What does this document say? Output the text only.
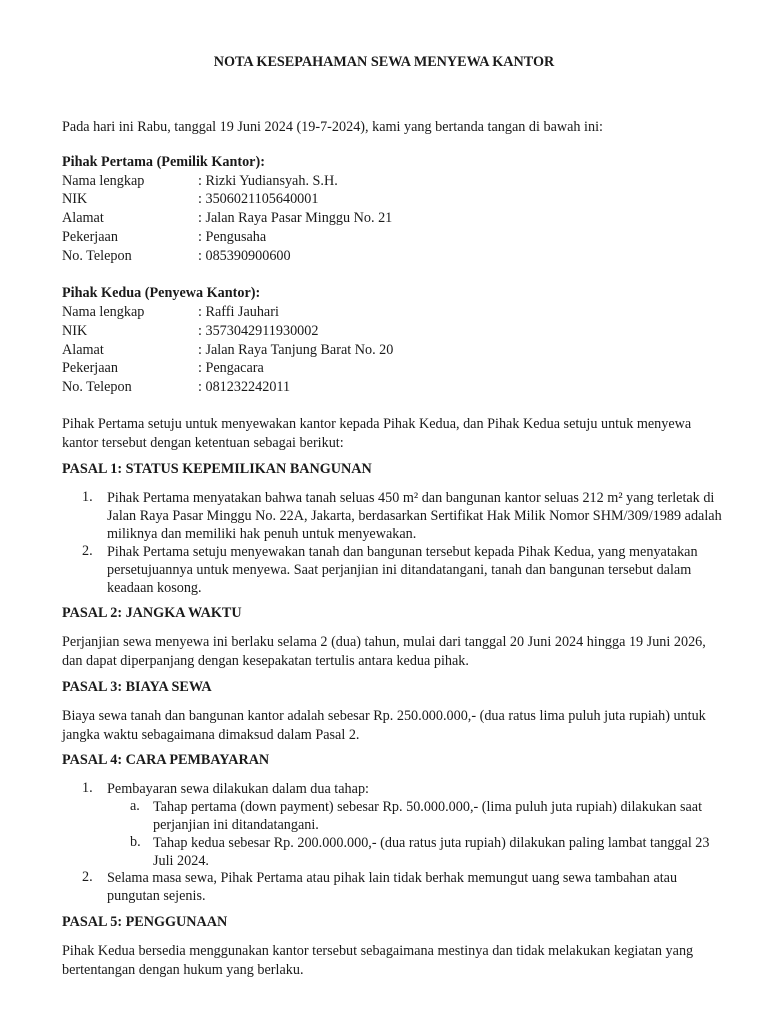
NOTA KESEPAHAMAN SEWA MENYEWA KANTOR
Pada hari ini Rabu, tanggal 19 Juni 2024 (19-7-2024), kami yang bertanda tangan di bawah ini:
Pihak Pertama (Pemilik Kantor):
Nama lengkap	: Rizki Yudiansyah. S.H.
NIK	: 3506021105640001
Alamat	: Jalan Raya Pasar Minggu No. 21
Pekerjaan	: Pengusaha
No. Telepon	: 085390900600
Pihak Kedua (Penyewa Kantor):
Nama lengkap	: Raffi Jauhari
NIK	: 3573042911930002
Alamat	: Jalan Raya Tanjung Barat No. 20
Pekerjaan	: Pengacara
No. Telepon	: 081232242011
Pihak Pertama setuju untuk menyewakan kantor kepada Pihak Kedua, dan Pihak Kedua setuju untuk menyewa kantor tersebut dengan ketentuan sebagai berikut:
PASAL 1: STATUS KEPEMILIKAN BANGUNAN
1. Pihak Pertama menyatakan bahwa tanah seluas 450 m² dan bangunan kantor seluas 212 m² yang terletak di Jalan Raya Pasar Minggu No. 22A, Jakarta, berdasarkan Sertifikat Hak Milik Nomor SHM/309/1989 adalah miliknya dan memiliki hak penuh untuk menyewakan.
2. Pihak Pertama setuju menyewakan tanah dan bangunan tersebut kepada Pihak Kedua, yang menyatakan persetujuannya untuk menyewa. Saat perjanjian ini ditandatangani, tanah dan bangunan tersebut dalam keadaan kosong.
PASAL 2: JANGKA WAKTU
Perjanjian sewa menyewa ini berlaku selama 2 (dua) tahun, mulai dari tanggal 20 Juni 2024 hingga 19 Juni 2026, dan dapat diperpanjang dengan kesepakatan tertulis antara kedua pihak.
PASAL 3: BIAYA SEWA
Biaya sewa tanah dan bangunan kantor adalah sebesar Rp. 250.000.000,- (dua ratus lima puluh juta rupiah) untuk jangka waktu sebagaimana dimaksud dalam Pasal 2.
PASAL 4: CARA PEMBAYARAN
1. Pembayaran sewa dilakukan dalam dua tahap:
a. Tahap pertama (down payment) sebesar Rp. 50.000.000,- (lima puluh juta rupiah) dilakukan saat perjanjian ini ditandatangani.
b. Tahap kedua sebesar Rp. 200.000.000,- (dua ratus juta rupiah) dilakukan paling lambat tanggal 23 Juli 2024.
2. Selama masa sewa, Pihak Pertama atau pihak lain tidak berhak memungut uang sewa tambahan atau pungutan sejenis.
PASAL 5: PENGGUNAAN
Pihak Kedua bersedia menggunakan kantor tersebut sebagaimana mestinya dan tidak melakukan kegiatan yang bertentangan dengan hukum yang berlaku.
